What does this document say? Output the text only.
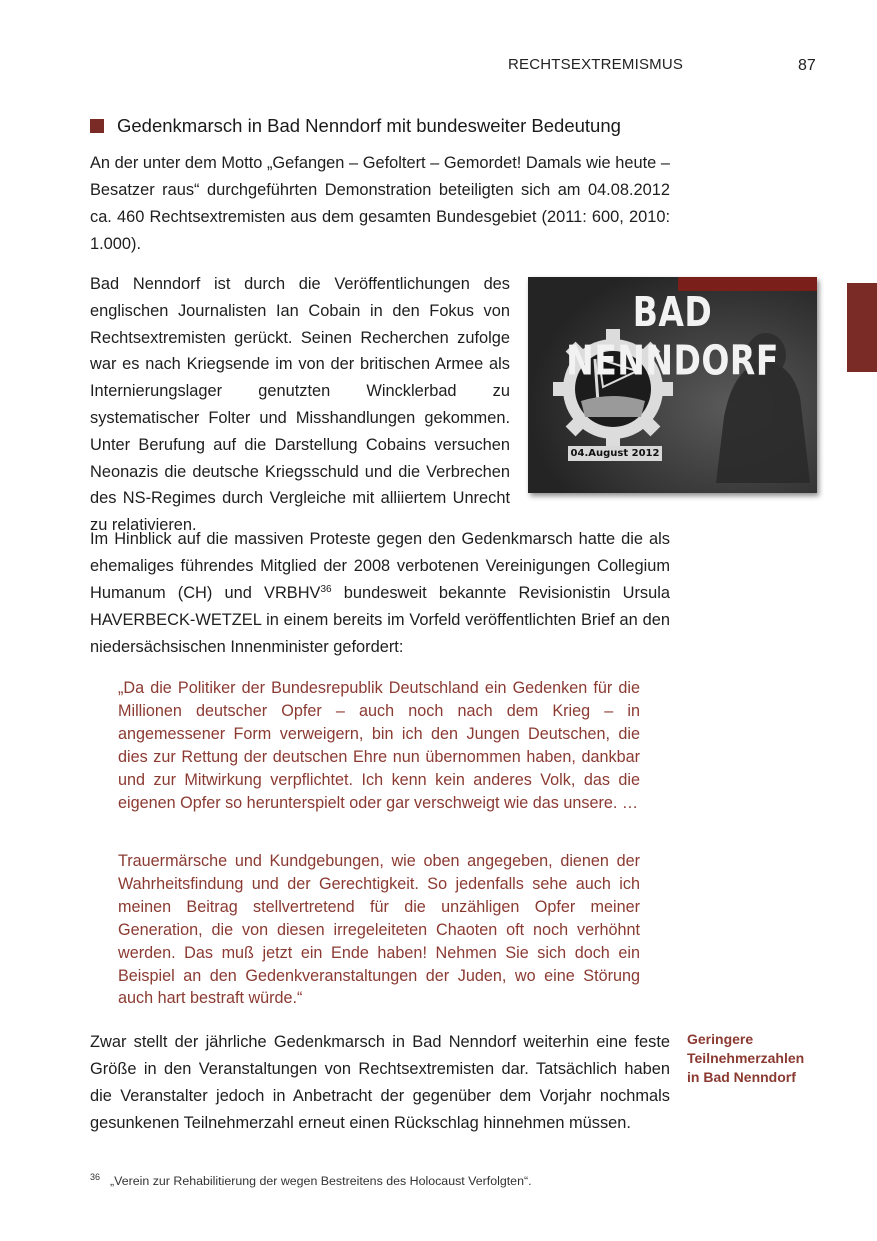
RECHTSEXTREMISMUS	87
Gedenkmarsch in Bad Nenndorf mit bundesweiter Bedeutung
An der unter dem Motto „Gefangen – Gefoltert – Gemordet! Damals wie heute – Besatzer raus“ durchgeführten Demonstration beteiligten sich am 04.08.2012 ca. 460 Rechtsextremisten aus dem gesamten Bundesgebiet (2011: 600, 2010: 1.000).
Bad Nenndorf ist durch die Veröffentlichungen des englischen Journalisten Ian Cobain in den Fokus von Rechtsextremisten gerückt. Seinen Recherchen zufolge war es nach Kriegsende im von der britischen Armee als Internierungslager genutzten Wincklerbad zu systematischer Folter und Misshandlungen gekommen. Unter Berufung auf die Darstellung Cobains versuchen Neonazis die deutsche Kriegsschuld und die Verbrechen des NS-Regimes durch Vergleiche mit alliiertem Unrecht zu relativieren.
BAD NENNDORF
04.August 2012
Im Hinblick auf die massiven Proteste gegen den Gedenkmarsch hatte die als ehemaliges führendes Mitglied der 2008 verbotenen Vereinigungen Collegium Humanum (CH) und VRBHV$^{36}$ bundesweit bekannte Revisionistin Ursula HAVERBECK-WETZEL in einem bereits im Vorfeld veröffentlichten Brief an den niedersächsischen Innenminister gefordert:
„Da die Politiker der Bundesrepublik Deutschland ein Gedenken für die Millionen deutscher Opfer – auch noch nach dem Krieg – in angemessener Form verweigern, bin ich den Jungen Deutschen, die dies zur Rettung der deutschen Ehre nun übernommen haben, dankbar und zur Mitwirkung verpflichtet. Ich kenn kein anderes Volk, das die eigenen Opfer so herunterspielt oder gar verschweigt wie das unsere. …
Trauermärsche und Kundgebungen, wie oben angegeben, dienen der Wahrheitsfindung und der Gerechtigkeit. So jedenfalls sehe auch ich meinen Beitrag stellvertretend für die unzähligen Opfer meiner Generation, die von diesen irregeleiteten Chaoten oft noch verhöhnt werden. Das muß jetzt ein Ende haben! Nehmen Sie sich doch ein Beispiel an den Gedenkveranstaltungen der Juden, wo eine Störung auch hart bestraft würde.“
Zwar stellt der jährliche Gedenkmarsch in Bad Nenndorf weiterhin eine feste Größe in den Veranstaltungen von Rechtsextremisten dar. Tatsächlich haben die Veranstalter jedoch in Anbetracht der gegenüber dem Vorjahr nochmals gesunkenen Teilnehmerzahl erneut einen Rückschlag hinnehmen müssen.
Geringere
Teilnehmerzahlen
in Bad Nenndorf
$^{36}$ „Verein zur Rehabilitierung der wegen Bestreitens des Holocaust Verfolgten“.
